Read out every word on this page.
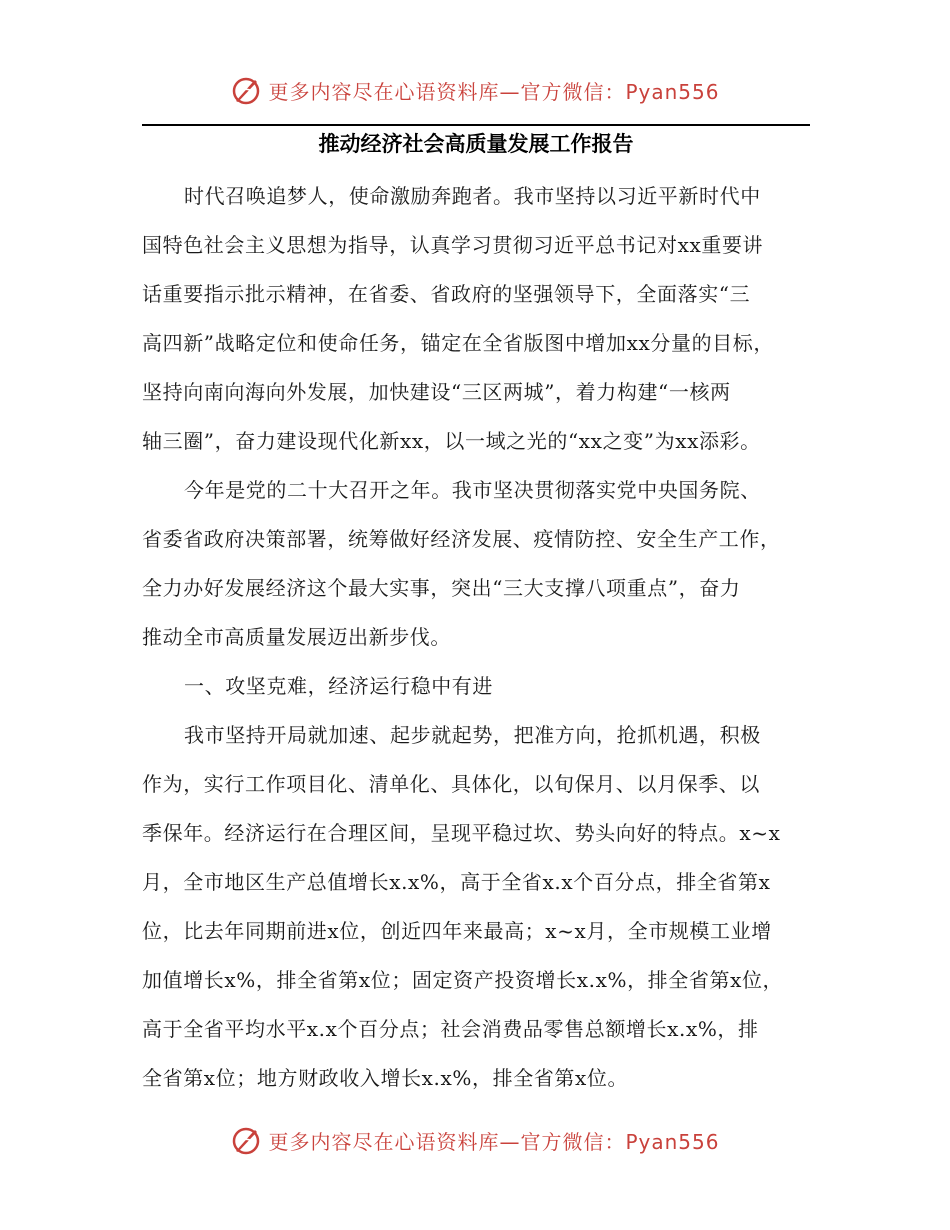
更多内容尽在心语资料库—官方微信：Pyan556
推动经济社会高质量发展工作报告
时代召唤追梦人，使命激励奔跑者。我市坚持以习近平新时代中
国特色社会主义思想为指导，认真学习贯彻习近平总书记对xx重要讲
话重要指示批示精神，在省委、省政府的坚强领导下，全面落实“三
高四新”战略定位和使命任务，锚定在全省版图中增加xx分量的目标，
坚持向南向海向外发展，加快建设“三区两城”，着力构建“一核两
轴三圈”，奋力建设现代化新xx，以一域之光的“xx之变”为xx添彩。
今年是党的二十大召开之年。我市坚决贯彻落实党中央国务院、
省委省政府决策部署，统筹做好经济发展、疫情防控、安全生产工作，
全力办好发展经济这个最大实事，突出“三大支撑八项重点”，奋力
推动全市高质量发展迈出新步伐。
一、攻坚克难，经济运行稳中有进
我市坚持开局就加速、起步就起势，把准方向，抢抓机遇，积极
作为，实行工作项目化、清单化、具体化，以旬保月、以月保季、以
季保年。经济运行在合理区间，呈现平稳过坎、势头向好的特点。x~x
月，全市地区生产总值增长x.x%，高于全省x.x个百分点，排全省第x
位，比去年同期前进x位，创近四年来最高；x~x月，全市规模工业增
加值增长x%，排全省第x位；固定资产投资增长x.x%，排全省第x位，
高于全省平均水平x.x个百分点；社会消费品零售总额增长x.x%，排
全省第x位；地方财政收入增长x.x%，排全省第x位。
更多内容尽在心语资料库—官方微信：Pyan556
